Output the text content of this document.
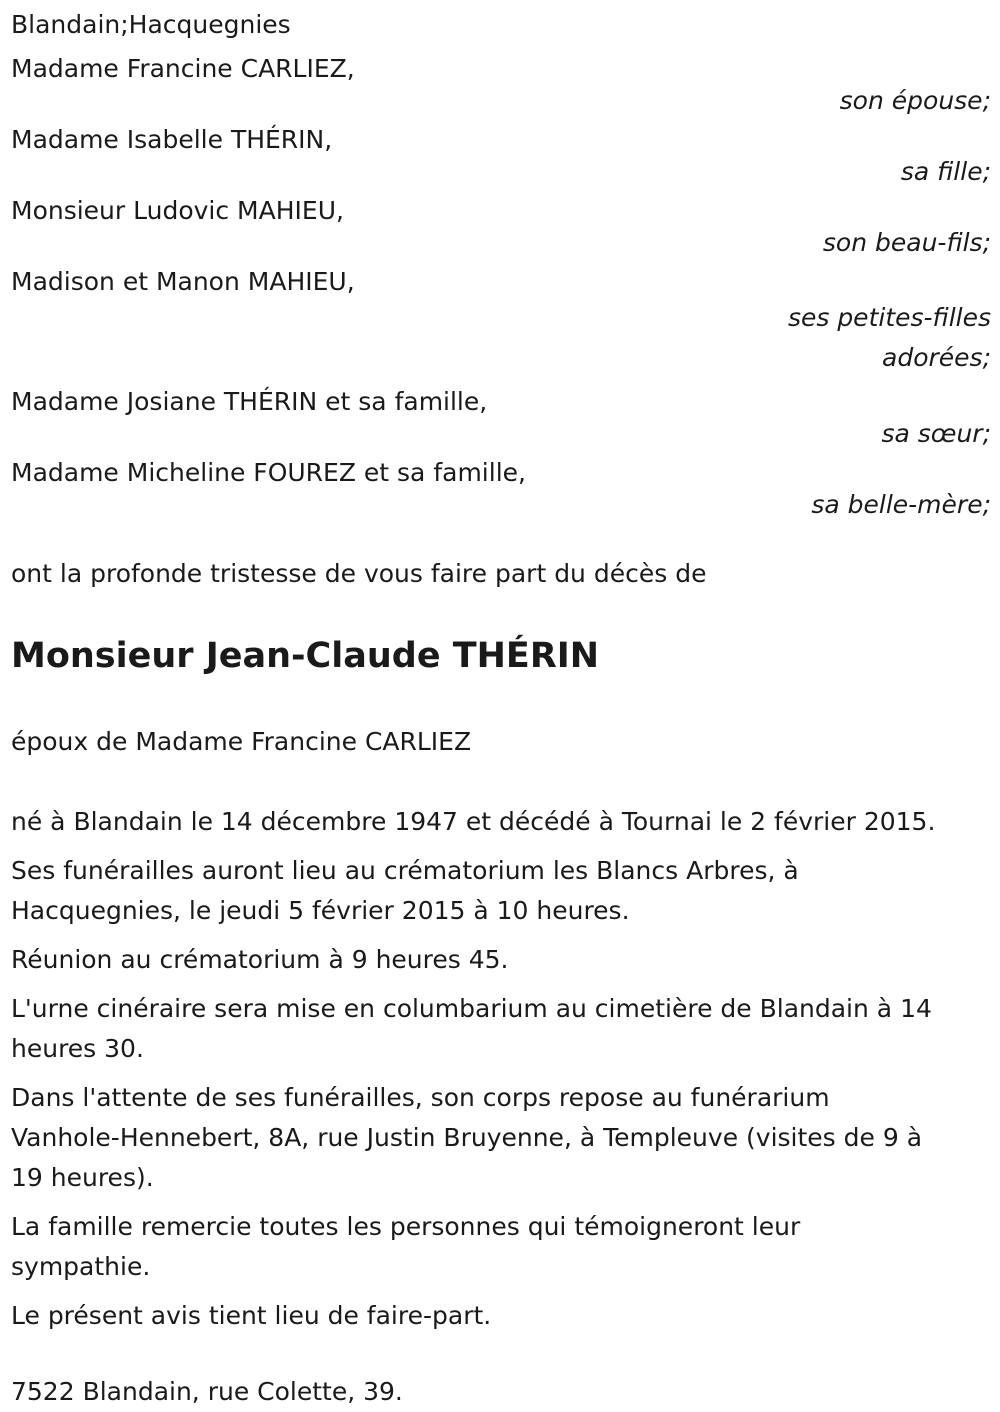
Blandain;Hacquegnies
Madame Francine CARLIEZ,
son épouse;
Madame Isabelle THÉRIN,
sa fille;
Monsieur Ludovic MAHIEU,
son beau-fils;
Madison et Manon MAHIEU,
ses petites-filles
adorées;
Madame Josiane THÉRIN et sa famille,
sa sœur;
Madame Micheline FOUREZ et sa famille,
sa belle-mère;
ont la profonde tristesse de vous faire part du décès de
Monsieur Jean-Claude THÉRIN
époux de Madame Francine CARLIEZ
né à Blandain le 14 décembre 1947 et décédé à Tournai le 2 février 2015.
Ses funérailles auront lieu au crématorium les Blancs Arbres, à
Hacquegnies, le jeudi 5 février 2015 à 10 heures.
Réunion au crématorium à 9 heures 45.
L'urne cinéraire sera mise en columbarium au cimetière de Blandain à 14
heures 30.
Dans l'attente de ses funérailles, son corps repose au funérarium
Vanhole-Hennebert, 8A, rue Justin Bruyenne, à Templeuve (visites de 9 à
19 heures).
La famille remercie toutes les personnes qui témoigneront leur
sympathie.
Le présent avis tient lieu de faire-part.
7522 Blandain, rue Colette, 39.
